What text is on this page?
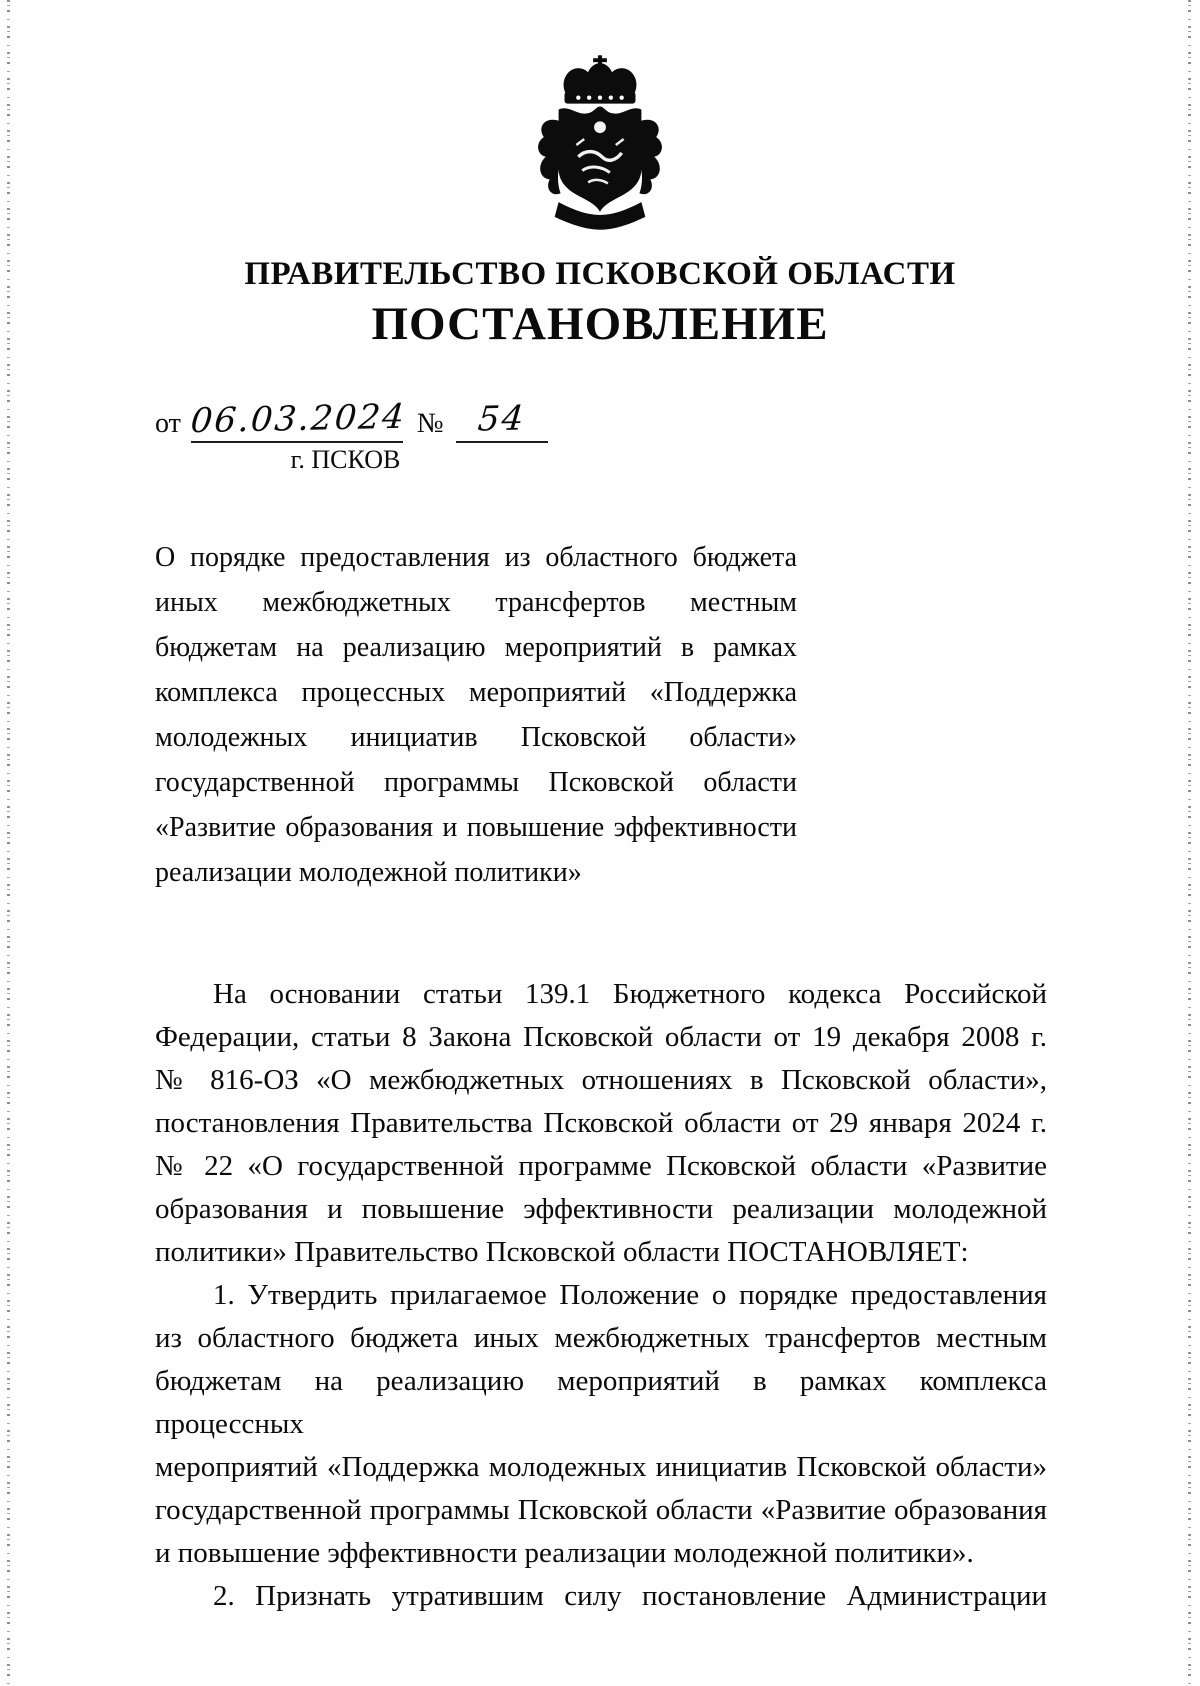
ПРАВИТЕЛЬСТВО ПСКОВСКОЙ ОБЛАСТИ
ПОСТАНОВЛЕНИЕ
от 06.03.2024 № 54
г. ПСКОВ
О порядке предоставления из областного бюджета
иных межбюджетных трансфертов местным
бюджетам на реализацию мероприятий в рамках
комплекса процессных мероприятий «Поддержка
молодежных инициатив Псковской области»
государственной программы Псковской области
«Развитие образования и повышение эффективности
реализации молодежной политики»
На основании статьи 139.1 Бюджетного кодекса Российской
Федерации, статьи 8 Закона Псковской области от 19 декабря 2008 г.
№ 816-ОЗ «О межбюджетных отношениях в Псковской области»,
постановления Правительства Псковской области от 29 января 2024 г.
№ 22 «О государственной программе Псковской области «Развитие
образования и повышение эффективности реализации молодежной
политики» Правительство Псковской области ПОСТАНОВЛЯЕТ:
1. Утвердить прилагаемое Положение о порядке предоставления
из областного бюджета иных межбюджетных трансфертов местным
бюджетам на реализацию мероприятий в рамках комплекса процессных
мероприятий «Поддержка молодежных инициатив Псковской области»
государственной программы Псковской области «Развитие образования
и повышение эффективности реализации молодежной политики».
2. Признать утратившим силу постановление Администрации
